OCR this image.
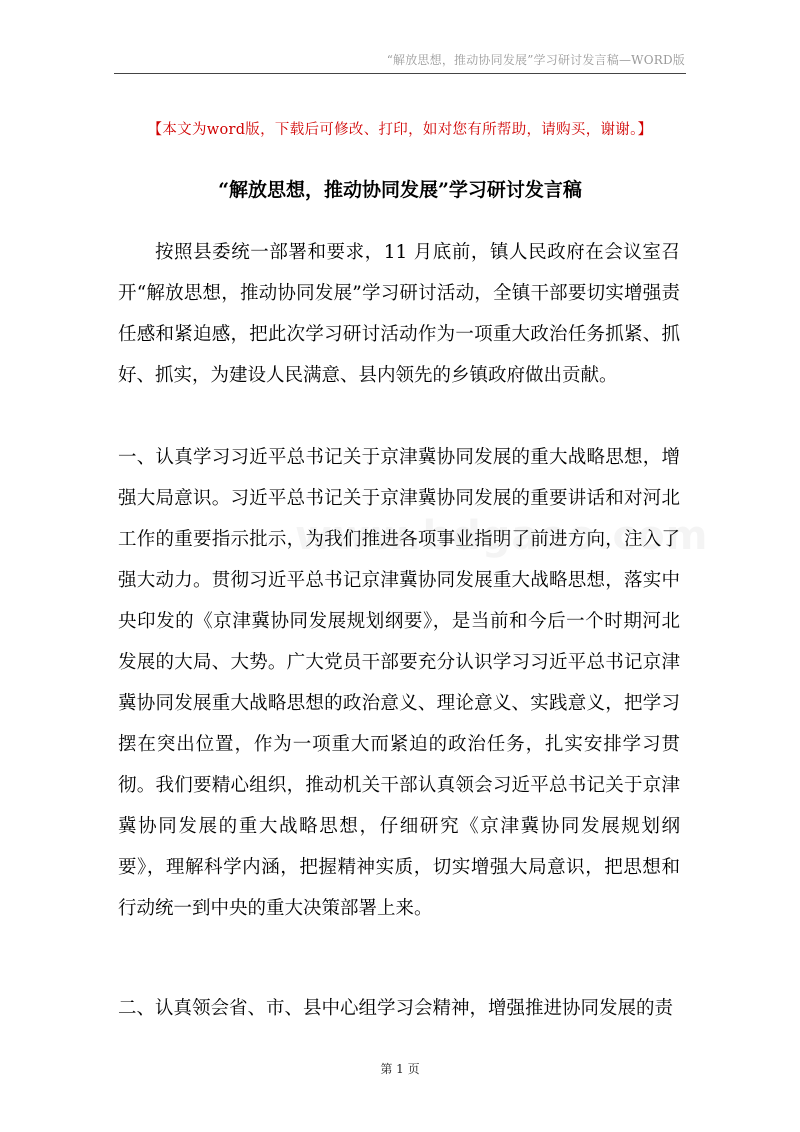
“解放思想，推动协同发展”学习研讨发言稿—WORD版
【本文为word版，下载后可修改、打印，如对您有所帮助，请购买，谢谢。】
“解放思想，推动协同发展”学习研讨发言稿

按照县委统一部署和要求，11 月底前，镇人民政府在会议室召开“解放思想，推动协同发展”学习研讨活动，全镇干部要切实增强责任感和紧迫感，把此次学习研讨活动作为一项重大政治任务抓紧、抓好、抓实，为建设人民满意、县内领先的乡镇政府做出贡献。

一、认真学习习近平总书记关于京津冀协同发展的重大战略思想，增强大局意识。习近平总书记关于京津冀协同发展的重要讲话和对河北工作的重要指示批示，为我们推进各项事业指明了前进方向，注入了强大动力。贯彻习近平总书记京津冀协同发展重大战略思想，落实中央印发的《京津冀协同发展规划纲要》，是当前和今后一个时期河北发展的大局、大势。广大党员干部要充分认识学习习近平总书记京津冀协同发展重大战略思想的政治意义、理论意义、实践意义，把学习摆在突出位置，作为一项重大而紧迫的政治任务，扎实安排学习贯彻。我们要精心组织，推动机关干部认真领会习近平总书记关于京津冀协同发展的重大战略思想，仔细研究《京津冀协同发展规划纲要》，理解科学内涵，把握精神实质，切实增强大局意识，把思想和行动统一到中央的重大决策部署上来。

二、认真领会省、市、县中心组学习会精神，增强推进协同发展的责

第 1 页
